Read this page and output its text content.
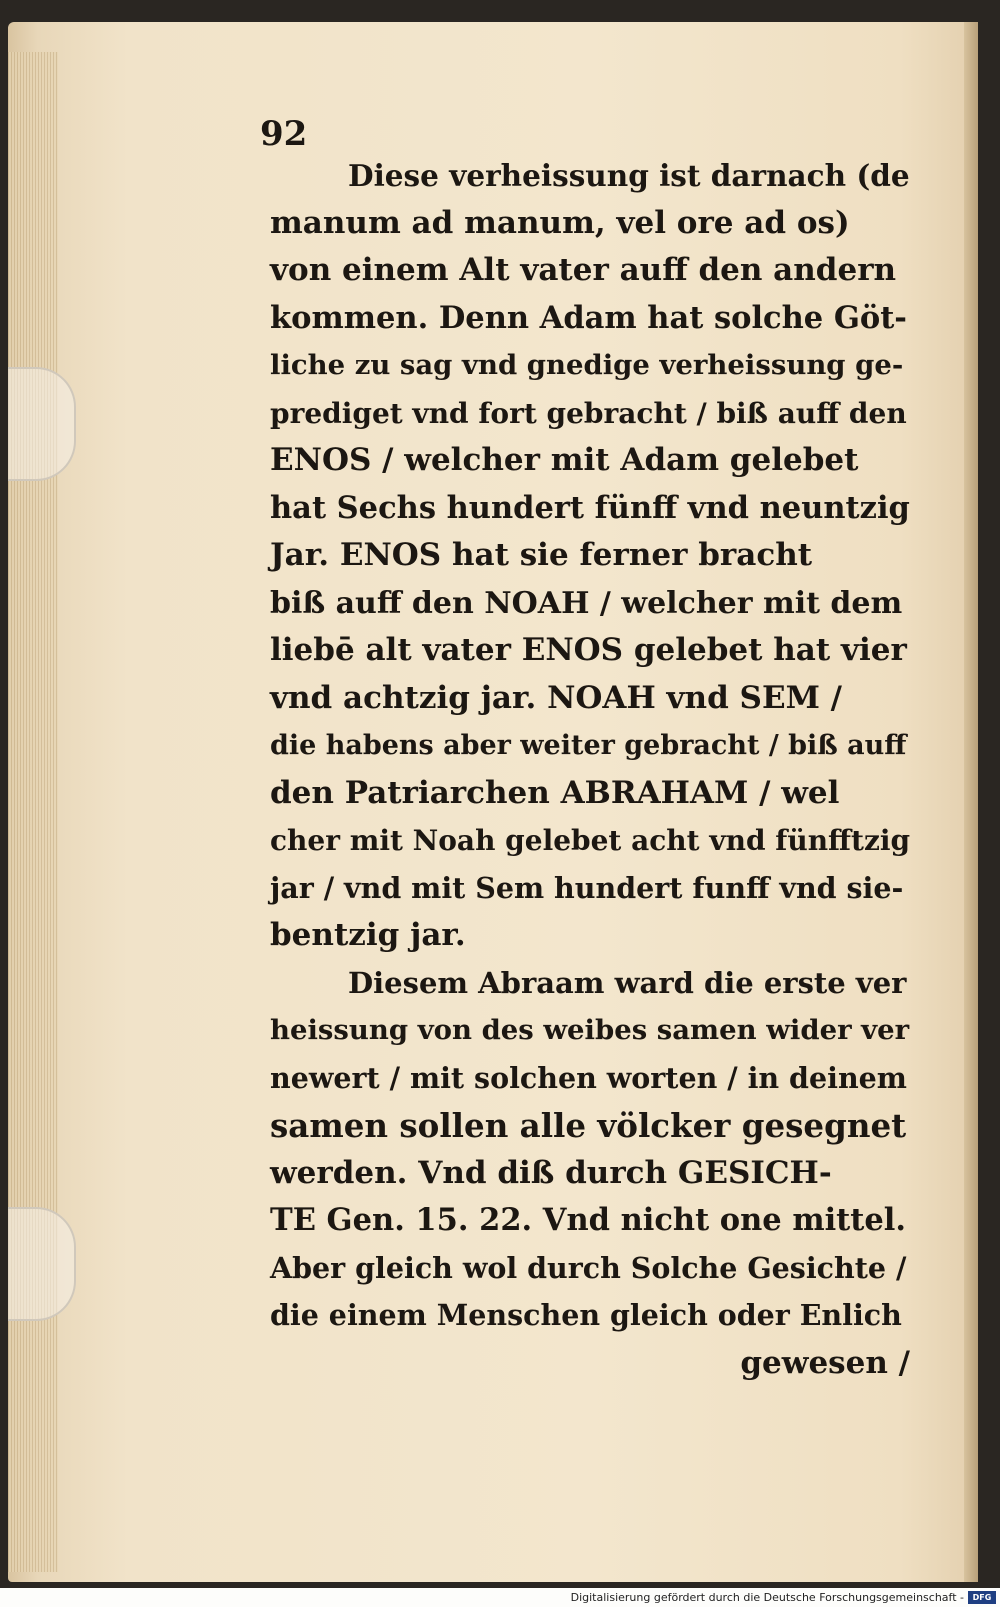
92
Diese verheissung ist darnach (de
manum ad manum, vel ore ad os)
von einem Alt vater auff den andern
kommen. Denn Adam hat solche Göt-
liche zu sag vnd gnedige verheissung ge-
prediget vnd fort gebracht / biß auff den
ENOS / welcher mit Adam gelebet
hat Sechs hundert fünff vnd neuntzig
Jar. ENOS hat sie ferner bracht
biß auff den NOAH / welcher mit dem
liebē alt vater ENOS gelebet hat vier
vnd achtzig jar. NOAH vnd SEM /
die habens aber weiter gebracht / biß auff
den Patriarchen ABRAHAM / wel
cher mit Noah gelebet acht vnd fünfftzig
jar / vnd mit Sem hundert funff vnd sie-
bentzig jar.
Diesem Abraam ward die erste ver
heissung von des weibes samen wider ver
newert / mit solchen worten / in deinem
samen sollen alle völcker gesegnet
werden. Vnd diß durch GESICH-
TE Gen. 15. 22. Vnd nicht one mittel.
Aber gleich wol durch Solche Gesichte /
die einem Menschen gleich oder Enlich
gewesen /
Digitalisierung gefördert durch die Deutsche Forschungsgemeinschaft -	DFG
